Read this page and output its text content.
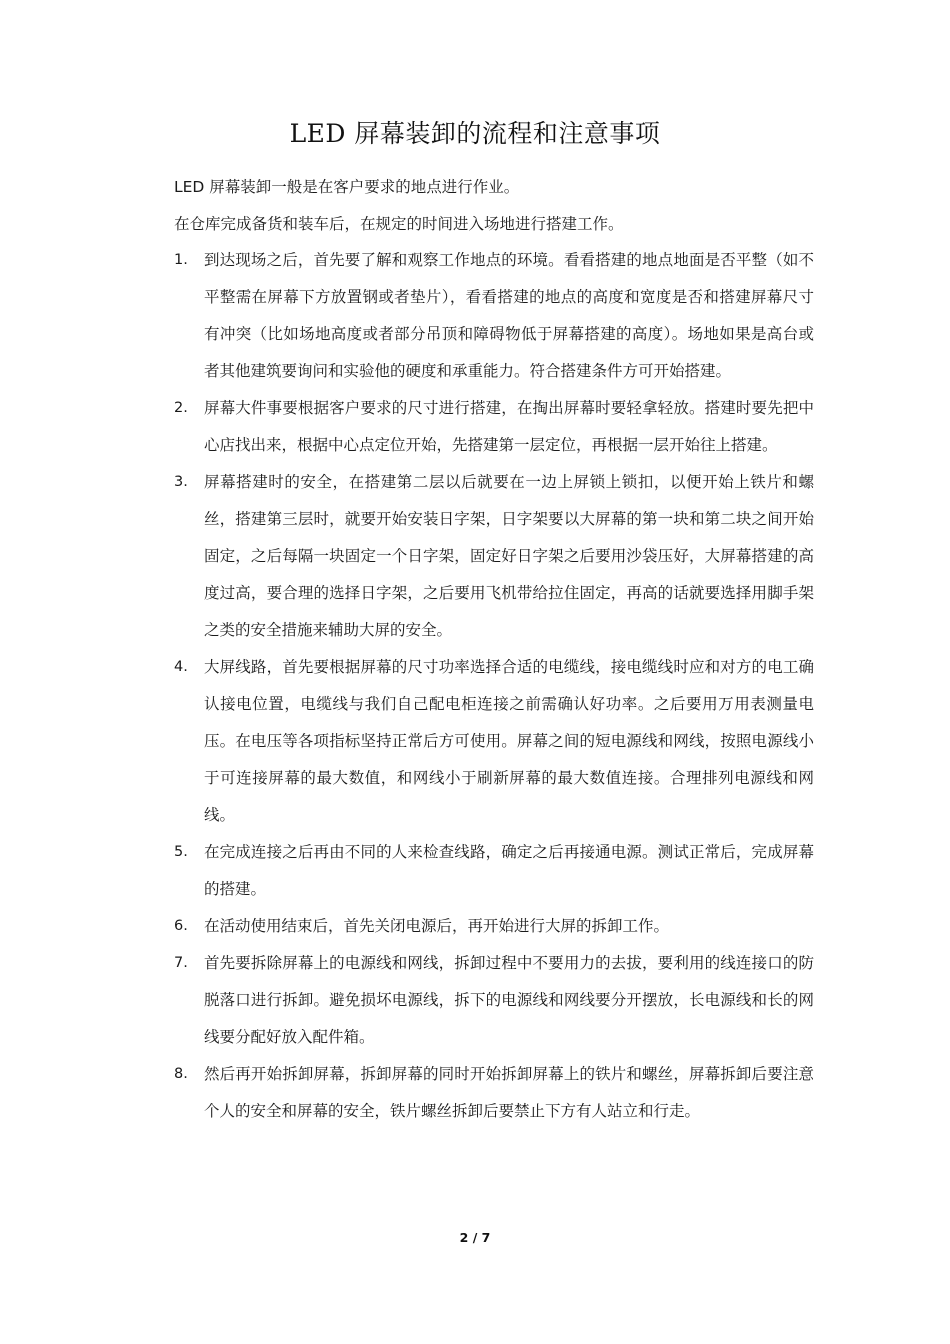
LED 屏幕装卸的流程和注意事项

LED 屏幕装卸一般是在客户要求的地点进行作业。

在仓库完成备货和装车后，在规定的时间进入场地进行搭建工作。

1. 到达现场之后，首先要了解和观察工作地点的环境。看看搭建的地点地面是否平整（如不平整需在屏幕下方放置钢或者垫片），看看搭建的地点的高度和宽度是否和搭建屏幕尺寸有冲突（比如场地高度或者部分吊顶和障碍物低于屏幕搭建的高度）。场地如果是高台或者其他建筑要询问和实验他的硬度和承重能力。符合搭建条件方可开始搭建。
2. 屏幕大件事要根据客户要求的尺寸进行搭建，在掏出屏幕时要轻拿轻放。搭建时要先把中心店找出来，根据中心点定位开始，先搭建第一层定位，再根据一层开始往上搭建。
3. 屏幕搭建时的安全，在搭建第二层以后就要在一边上屏锁上锁扣，以便开始上铁片和螺丝，搭建第三层时，就要开始安装日字架，日字架要以大屏幕的第一块和第二块之间开始固定，之后每隔一块固定一个日字架，固定好日字架之后要用沙袋压好，大屏幕搭建的高度过高，要合理的选择日字架，之后要用飞机带给拉住固定，再高的话就要选择用脚手架之类的安全措施来辅助大屏的安全。
4. 大屏线路，首先要根据屏幕的尺寸功率选择合适的电缆线，接电缆线时应和对方的电工确认接电位置，电缆线与我们自己配电柜连接之前需确认好功率。之后要用万用表测量电压。在电压等各项指标坚持正常后方可使用。屏幕之间的短电源线和网线，按照电源线小于可连接屏幕的最大数值，和网线小于刷新屏幕的最大数值连接。合理排列电源线和网线。
5. 在完成连接之后再由不同的人来检查线路，确定之后再接通电源。测试正常后，完成屏幕的搭建。
6. 在活动使用结束后，首先关闭电源后，再开始进行大屏的拆卸工作。
7. 首先要拆除屏幕上的电源线和网线，拆卸过程中不要用力的去拔，要利用的线连接口的防脱落口进行拆卸。避免损坏电源线，拆下的电源线和网线要分开摆放，长电源线和长的网线要分配好放入配件箱。
8. 然后再开始拆卸屏幕，拆卸屏幕的同时开始拆卸屏幕上的铁片和螺丝，屏幕拆卸后要注意个人的安全和屏幕的安全，铁片螺丝拆卸后要禁止下方有人站立和行走。
2 / 7
